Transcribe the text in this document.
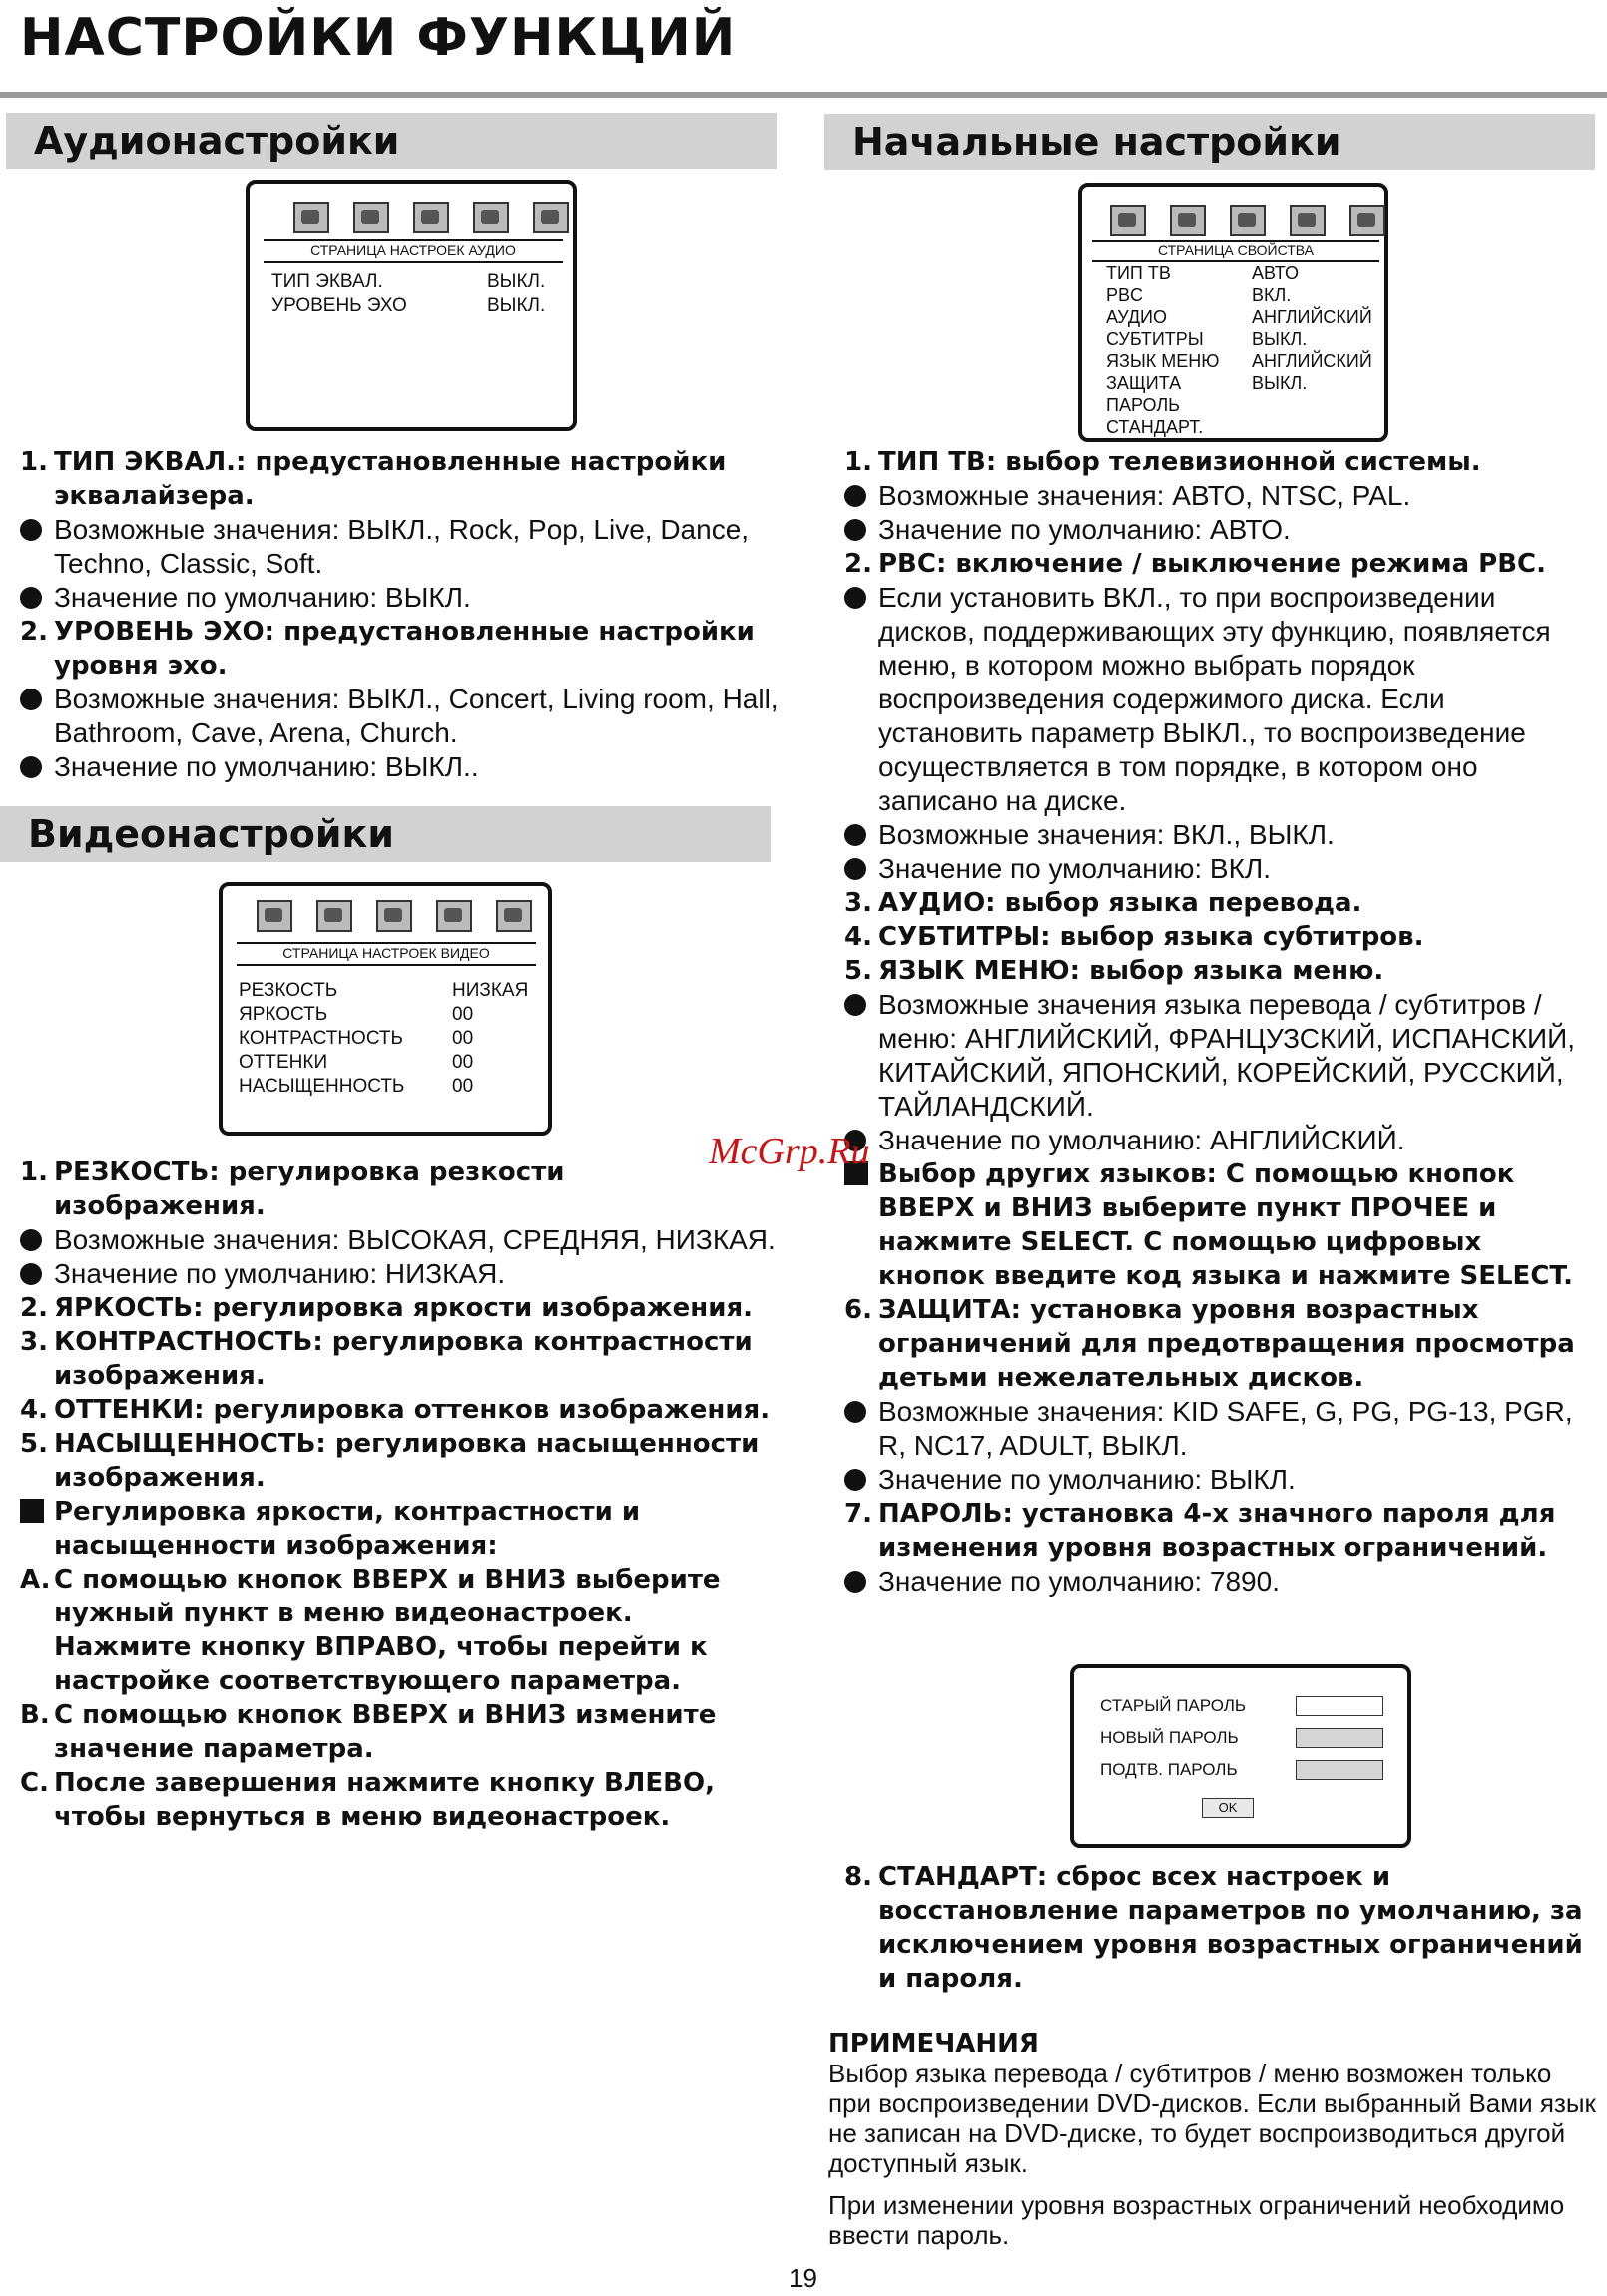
НАСТРОЙКИ ФУНКЦИЙ
Аудионастройки
СТРАНИЦА НАСТРОЕК АУДИО
ТИП ЭКВАЛ.	ВЫКЛ.
УРОВЕНЬ ЭХО	ВЫКЛ.
1. ТИП ЭКВАЛ.: предустановленные настройки эквалайзера.
Возможные значения: ВЫКЛ., Rock, Pop, Live, Dance, Techno, Classic, Soft.
Значение по умолчанию: ВЫКЛ.
2. УРОВЕНЬ ЭХО: предустановленные настройки уровня эхо.
Возможные значения: ВЫКЛ., Concert, Living room, Hall, Bathroom, Cave, Arena, Church.
Значение по умолчанию: ВЫКЛ..
Видеонастройки
СТРАНИЦА НАСТРОЕК ВИДЕО
РЕЗКОСТЬ	НИЗКАЯ
ЯРКОСТЬ	00
КОНТРАСТНОСТЬ	00
ОТТЕНКИ	00
НАСЫЩЕННОСТЬ	00
1. РЕЗКОСТЬ: регулировка резкости изображения.
Возможные значения: ВЫСОКАЯ, СРЕДНЯЯ, НИЗКАЯ.
Значение по умолчанию: НИЗКАЯ.
2. ЯРКОСТЬ: регулировка яркости изображения.
3. КОНТРАСТНОСТЬ: регулировка контрастности изображения.
4. ОТТЕНКИ: регулировка оттенков изображения.
5. НАСЫЩЕННОСТЬ: регулировка насыщенности изображения.
Регулировка яркости, контрастности и насыщенности изображения:
A. С помощью кнопок ВВЕРХ и ВНИЗ выберите нужный пункт в меню видеонастроек. Нажмите кнопку ВПРАВО, чтобы перейти к настройке соответствующего параметра.
B. С помощью кнопок ВВЕРХ и ВНИЗ измените значение параметра.
C. После завершения нажмите кнопку ВЛЕВО, чтобы вернуться в меню видеонастроек.
Начальные настройки
СТРАНИЦА СВОЙСТВА
ТИП ТВ	АВТО
PBC	ВКЛ.
АУДИО	АНГЛИЙСКИЙ
СУБТИТРЫ	ВЫКЛ.
ЯЗЫК МЕНЮ АНГЛИЙСКИЙ
ЗАЩИТА	ВЫКЛ.
ПАРОЛЬ
СТАНДАРТ.
1. ТИП ТВ: выбор телевизионной системы.
Возможные значения: АВТО, NTSC, PAL.
Значение по умолчанию: АВТО.
2. PBC: включение / выключение режима PBC.
Если установить ВКЛ., то при воспроизведении дисков, поддерживающих эту функцию, появляется меню, в котором можно выбрать порядок воспроизведения содержимого диска. Если установить параметр ВЫКЛ., то воспроизведение осуществляется в том порядке, в котором оно записано на диске.
Возможные значения: ВКЛ., ВЫКЛ.
Значение по умолчанию: ВКЛ.
3. АУДИО: выбор языка перевода.
4. СУБТИТРЫ: выбор языка субтитров.
5. ЯЗЫК МЕНЮ: выбор языка меню.
Возможные значения языка перевода / субтитров / меню: АНГЛИЙСКИЙ, ФРАНЦУЗСКИЙ, ИСПАНСКИЙ, КИТАЙСКИЙ, ЯПОНСКИЙ, КОРЕЙСКИЙ, РУССКИЙ, ТАЙЛАНДСКИЙ.
Значение по умолчанию: АНГЛИЙСКИЙ.
Выбор других языков: С помощью кнопок ВВЕРХ и ВНИЗ выберите пункт ПРОЧЕЕ и нажмите SELECT. С помощью цифровых кнопок введите код языка и нажмите SELECT.
6. ЗАЩИТА: установка уровня возрастных ограничений для предотвращения просмотра детьми нежелательных дисков.
Возможные значения: KID SAFE, G, PG, PG-13, PGR, R, NC17, ADULT, ВЫКЛ.
Значение по умолчанию: ВЫКЛ.
7. ПАРОЛЬ: установка 4-х значного пароля для изменения уровня возрастных ограничений.
Значение по умолчанию: 7890.
СТАРЫЙ ПАРОЛЬ
НОВЫЙ ПАРОЛЬ
ПОДТВ. ПАРОЛЬ
OK
8. СТАНДАРТ: сброс всех настроек и восстановление параметров по умолчанию, за исключением уровня возрастных ограничений и пароля.
ПРИМЕЧАНИЯ

Выбор языка перевода / субтитров / меню возможен только при воспроизведении DVD-дисков. Если выбранный Вами язык не записан на DVD-диске, то будет воспроизводиться другой доступный язык.

При изменении уровня возрастных ограничений необходимо ввести пароль.

McGrp.Ru
19
